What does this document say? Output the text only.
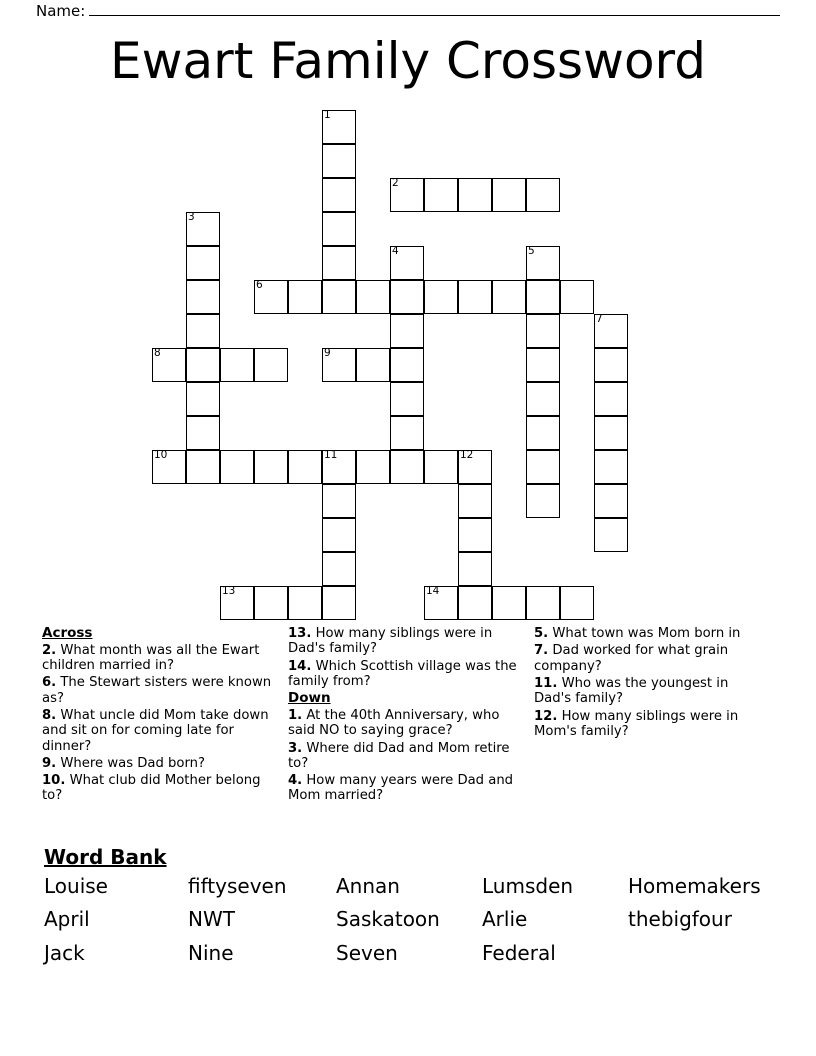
Name:
Ewart Family Crossword
1
2
3
4	5
6
7
8	9
10	11	12
13	14

Across

2. What month was all the Ewart children married in?

6. The Stewart sisters were known as?

8. What uncle did Mom take down and sit on for coming late for dinner?

9. Where was Dad born?

10. What club did Mother belong to?

13. How many siblings were in Dad's family?

14. Which Scottish village was the family from?

Down

1. At the 40th Anniversary, who said NO to saying grace?

3. Where did Dad and Mom retire to?

4. How many years were Dad and Mom married?

5. What town was Mom born in

7. Dad worked for what grain company?

11. Who was the youngest in Dad's family?

12. How many siblings were in Mom's family?

Word Bank
Louise	fiftyseven	Annan	Lumsden	Homemakers
April	NWT	Saskatoon	Arlie	thebigfour
Jack	Nine	Seven	Federal
